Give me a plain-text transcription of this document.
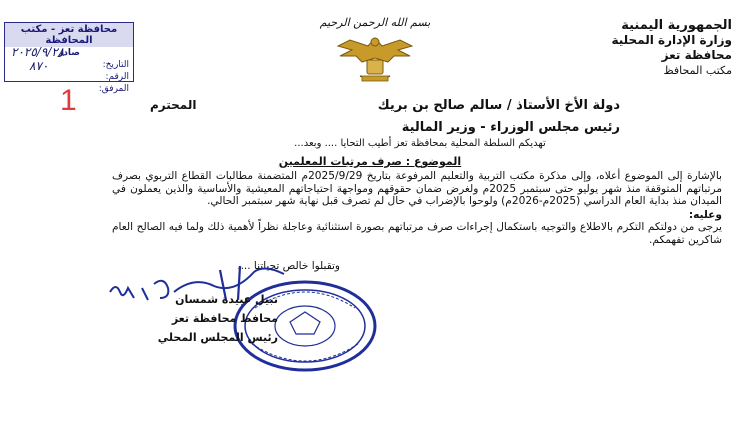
الجمهورية اليمنية
وزارة الإدارة المحلية
محافظة تعز
مكتب المحافظ
بسم الله الرحمن الرحيم
محافظة تعز - مكتب المحافظة
صادر
التاريخ:
الرقم:
المرفق:
٢٠٢٥/٩/٢٨
٨٧٠
1	دولة الأخ الأستاذ / سالم صالح بن بريك
رئيس مجلس الوزراء - وزير المالية
المحترم
تهديكم السلطة المحلية بمحافظة تعز أطيب التحايا .... وبعد...
الموضوع : صرف مرتبات المعلمين

بالإشارة إلى الموضوع أعلاه، وإلى مذكرة مكتب التربية والتعليم المرفوعة بتاريخ 2025/9/29م المتضمنة مطالبات القطاع التربوي بصرف مرتباتهم المتوقفة منذ شهر يوليو حتى سبتمبر 2025م ولغرض ضمان حقوقهم ومواجهة احتياجاتهم المعيشية والأساسية والذين يعملون في الميدان منذ بداية العام الدراسي (2025م-2026م) ولوحوا بالإضراب في حال لم تصرف قبل نهاية شهر سبتمبر الحالي.

وعليه:

يرجى من دولتكم التكرم بالاطلاع والتوجيه باستكمال إجراءات صرف مرتباتهم بصورة استثنائية وعاجلة نظراً لأهمية ذلك ولما فيه الصالح العام شاكرين تفهمكم.

وتقبلوا خالص تحياتنا ....
نبيل عبيدة شمسان
محافظ محافظة تعز
رئيس المجلس المحلي
